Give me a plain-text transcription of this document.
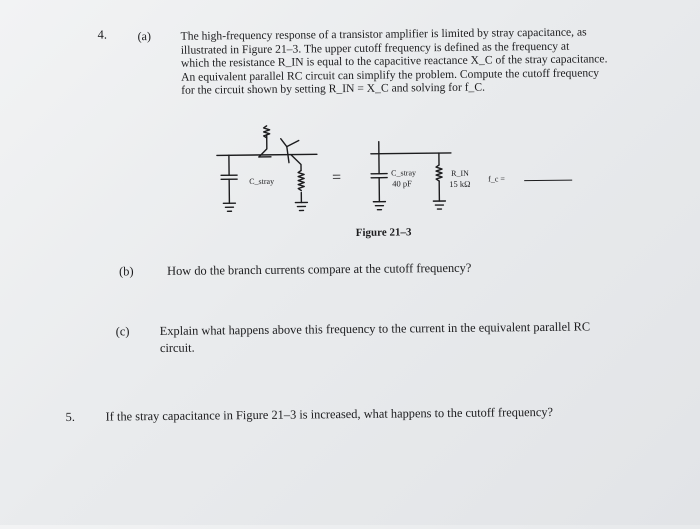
4.	(a)	The high-frequency response of a transistor amplifier is limited by stray capacitance, as
illustrated in Figure 21–3. The upper cutoff frequency is defined as the frequency at
which the resistance R_IN is equal to the capacitive reactance X_C of the stray capacitance.
An equivalent parallel RC circuit can simplify the problem. Compute the cutoff frequency
for the circuit shown by setting R_IN = X_C and solving for f_C.
C_stray	=	C_stray
40 pF
R_IN
15 kΩ f_c =
Figure 21–3
(b)	How do the branch currents compare at the cutoff frequency?
(c) Explain what happens above this frequency to the current in the equivalent parallel RC
circuit.
5. If the stray capacitance in Figure 21–3 is increased, what happens to the cutoff frequency?
